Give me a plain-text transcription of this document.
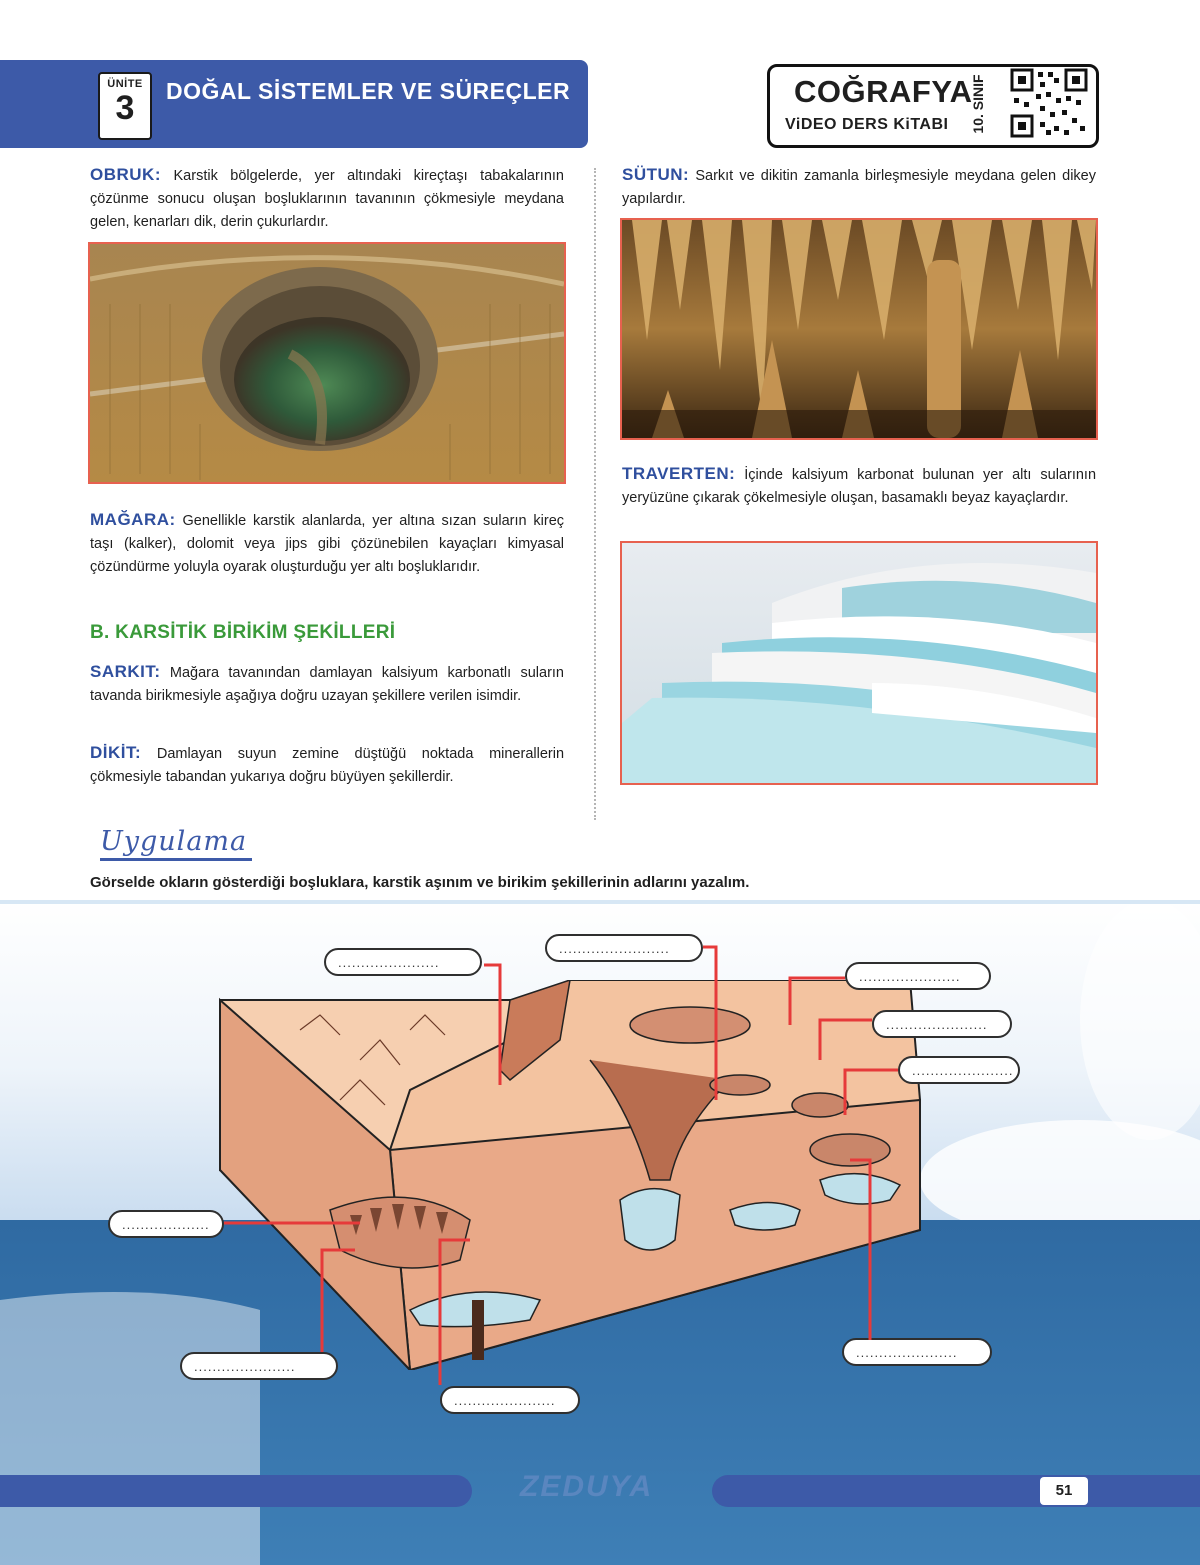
ÜNİTE
3	DOĞAL SİSTEMLER VE SÜREÇLER	COĞRAFYA
ViDEO DERS KiTABI 10. SINIF
OBRUK: Karstik bölgelerde, yer altındaki kireçtaşı tabakalarının çözünme sonucu oluşan boşluklarının tavanının çökmesiyle meydana gelen, kenarları dik, derin çukurlardır.
MAĞARA: Genellikle karstik alanlarda, yer altına sızan suların kireç taşı (kalker), dolomit veya jips gibi çözünebilen kayaçları kimyasal çözündürme yoluyla oyarak oluşturduğu yer altı boşluklarıdır.
B. KARSİTİK BİRİKİM ŞEKİLLERİ
SARKIT: Mağara tavanından damlayan kalsiyum karbonatlı suların tavanda birikmesiyle aşağıya doğru uzayan şekillere verilen isimdir.
DİKİT: Damlayan suyun zemine düştüğü noktada minerallerin çökmesiyle tabandan yukarıya doğru büyüyen şekillerdir.
SÜTUN: Sarkıt ve dikitin zamanla birleşmesiyle meydana gelen dikey yapılardır.
TRAVERTEN: İçinde kalsiyum karbonat bulunan yer altı sularının yeryüzüne çıkarak çökelmesiyle oluşan, basamaklı beyaz kayaçlardır.
Uygulama
Görselde okların gösterdiği boşluklara, karstik aşınım ve birikim şekillerinin adlarını yazalım.
......................
........................
......................
......................
......................
...................
......................
......................
......................
ZEDUYA	51
